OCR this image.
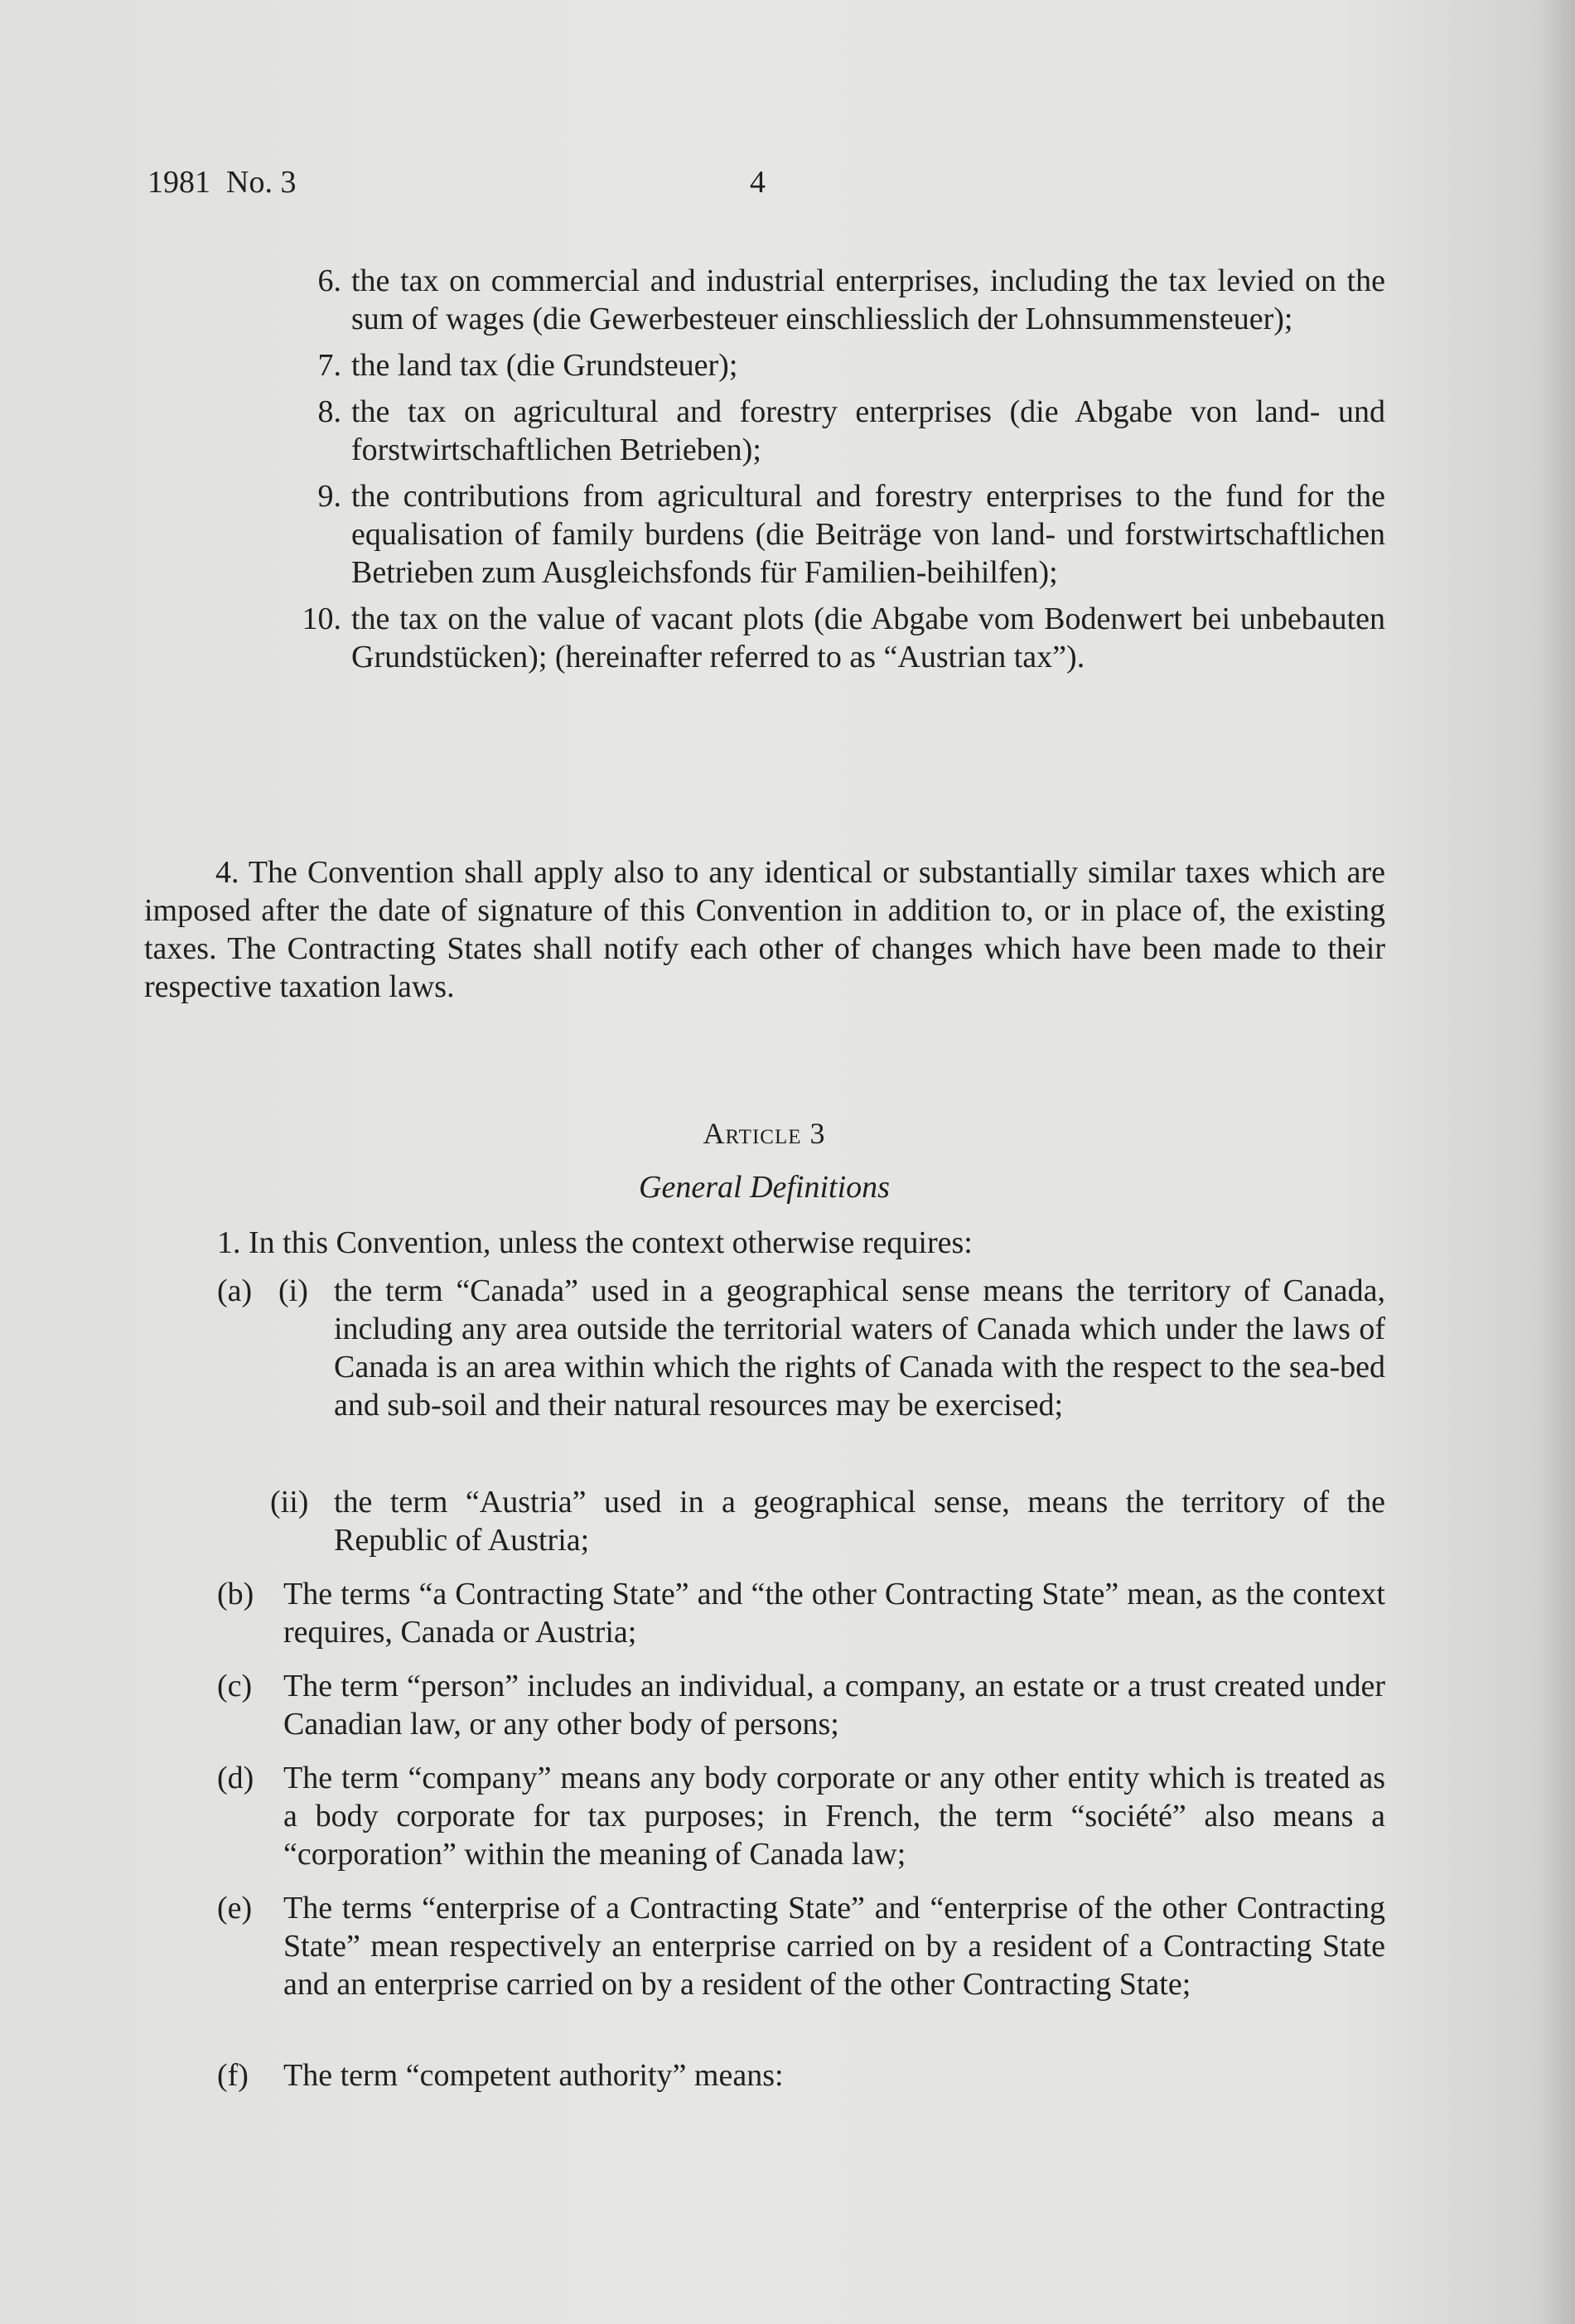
1981  No. 3	4
6. the tax on commercial and industrial enterprises, including the tax levied on the sum of wages (die Gewerbesteuer einschliesslich der Lohnsummensteuer);
7. the land tax (die Grundsteuer);
8. the tax on agricultural and forestry enterprises (die Abgabe von land- und forstwirtschaftlichen Betrieben);
9. the contributions from agricultural and forestry enterprises to the fund for the equalisation of family burdens (die Beiträge von land- und forstwirtschaftlichen Betrieben zum Ausgleichsfonds für Familien-beihilfen);
10. the tax on the value of vacant plots (die Abgabe vom Bodenwert bei unbebauten Grundstücken); (hereinafter referred to as “Austrian tax”).
4. The Convention shall apply also to any identical or substantially similar taxes which are imposed after the date of signature of this Convention in addition to, or in place of, the existing taxes. The Contracting States shall notify each other of changes which have been made to their respective taxation laws.
Article 3
General Definitions
1. In this Convention, unless the context otherwise requires:
(a) (i) the term “Canada” used in a geographical sense means the territory of Canada, including any area outside the territorial waters of Canada which under the laws of Canada is an area within which the rights of Canada with the respect to the sea-bed and sub-soil and their natural resources may be exercised;
(ii) the term “Austria” used in a geographical sense, means the territory of the Republic of Austria;
(b) The terms “a Contracting State” and “the other Contracting State” mean, as the context requires, Canada or Austria;
(c) The term “person” includes an individual, a company, an estate or a trust created under Canadian law, or any other body of persons;
(d) The term “company” means any body corporate or any other entity which is treated as a body corporate for tax purposes; in French, the term “société” also means a “corporation” within the meaning of Canada law;
(e) The terms “enterprise of a Contracting State” and “enterprise of the other Contracting State” mean respectively an enterprise carried on by a resident of a Contracting State and an enterprise carried on by a resident of the other Contracting State;
(f)	The term “competent authority” means:
